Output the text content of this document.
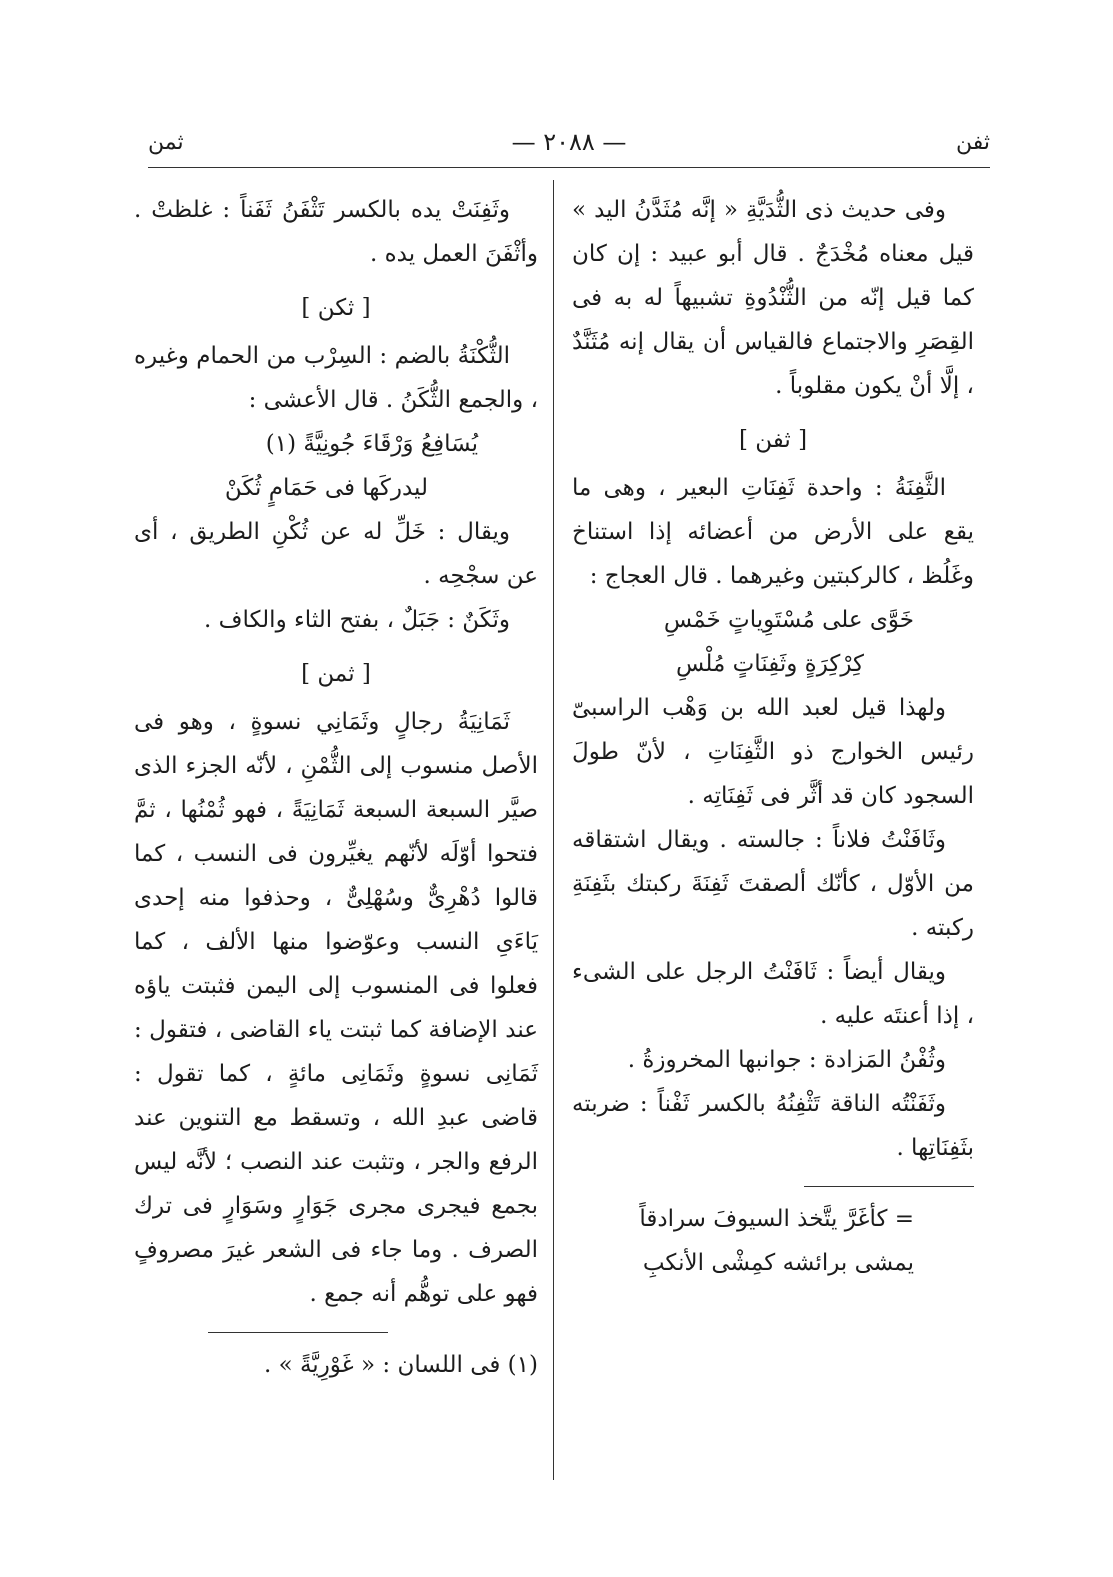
ثفن
— ٢٠٨٨ —
ثمن

وفى حديث ذى الثُّدَيَّةِ « إنَّه مُثَدَّنُ اليد » قيل معناه مُخْدَجٌ . قال أبو عبيد : إن كان كما قيل إنّه من الثُّنْدُوةِ تشبيهاً له به فى القِصَرِ والاجتماع فالقياس أن يقال إنه مُثَنَّدٌ ، إلَّا أنْ يكون مقلوباً .

[ ثفن ]

الثَّفِنَةُ : واحدة ثَفِنَاتِ البعير ، وهى ما يقع على الأرض من أعضائه إذا استناخ وغَلُظ ، كالركبتين وغيرهما . قال العجاج :

خَوَّى على مُسْتَوِياتٍ خَمْسِ

كِرْكِرَةٍ وثَفِنَاتٍ مُلْسِ

ولهذا قيل لعبد الله بن وَهْب الراسبىّ رئيس الخوارج ذو الثَّفِنَاتِ ، لأنّ طولَ السجود كان قد أثَّر فى ثَفِنَاتِه .

وثَافَنْتُ فلاناً : جالسته . ويقال اشتقاقه من الأوّل ، كأنّك ألصقتَ ثَفِنَةَ ركبتك بثَفِنَةِ ركبته .

ويقال أيضاً : ثَافَنْتُ الرجل على الشىء ، إذا أعنتَه عليه .

وثُفْنُ المَزادة : جوانبها المخروزةُ .

وثَفَنْتُه الناقة تَثْفِنُهُ بالكسر ثَفْناً : ضربته بثَفِنَاتِها .

= كأغَرَّ يتَّخذ السيوفَ سرادقاً

يمشى برائشه كمِشْى الأنكبِ

وثَفِنَتْ يده بالكسر تَثْفَنُ ثَفَناً : غلظتْ . وأثْفَنَ العمل يده .

[ ثكن ]

الثُّكْنَةُ بالضم : السِرْب من الحمام وغيره ، والجمع الثُّكَنُ . قال الأعشى :

يُسَافِعُ وَرْقَاءَ جُونِيَّةً (١)

ليدركَها فى حَمَامٍ ثُكَنْ

ويقال : خَلِّ له عن ثُكْنِ الطريق ، أى عن سجْحِه .

وثَكَنٌ : جَبَلٌ ، بفتح الثاء والكاف .

[ ثمن ]

ثَمَانِيَةُ رجالٍ وثَمَانِي نسوةٍ ، وهو فى الأصل منسوب إلى الثُّمْنِ ، لأنّه الجزء الذى صيَّر السبعة السبعة ثَمَانِيَةً ، فهو ثُمْنُها ، ثمَّ فتحوا أوّلَه لأنّهم يغيِّرون فى النسب ، كما قالوا دُهْرِىٌّ وسُهْلِىٌّ ، وحذفوا منه إحدى يَاءَىِ النسب وعوّضوا منها الألف ، كما فعلوا فى المنسوب إلى اليمن فثبتت ياؤه عند الإضافة كما ثبتت ياء القاضى ، فتقول : ثَمَانِى نسوةٍ وثَمَانِى مائةٍ ، كما تقول : قاضى عبدِ الله ، وتسقط مع التنوين عند الرفع والجر ، وتثبت عند النصب ؛ لأنَّه ليس بجمع فيجرى مجرى جَوَارٍ وسَوَارٍ فى ترك الصرف . وما جاء فى الشعر غيرَ مصروفٍ فهو على توهُّم أنه جمع .

(١) فى اللسان : « غَوْرِيَّةً » .
